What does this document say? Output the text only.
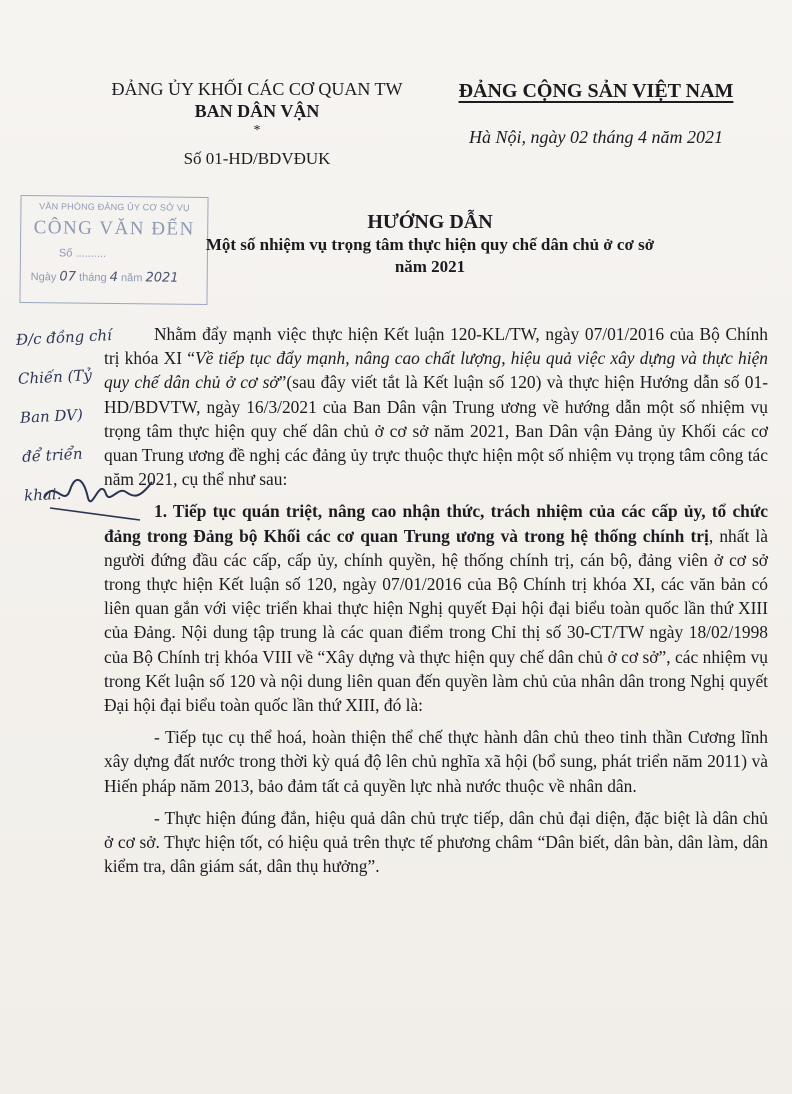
ĐẢNG ỦY KHỐI CÁC CƠ QUAN TW
BAN DÂN VẬN
*
Số 01-HD/BDVĐUK
ĐẢNG CỘNG SẢN VIỆT NAM
Hà Nội, ngày 02 tháng 4 năm 2021
VĂN PHÒNG ĐẢNG ỦY CƠ SỞ VỤ
CÔNG VĂN ĐẾN
Số ..........
Ngày 07 tháng 4 năm 2021
HƯỚNG DẪN
Một số nhiệm vụ trọng tâm thực hiện quy chế dân chủ ở cơ sở
năm 2021
Đ/c đồng chí
Chiến (Tỷ
Ban DV)
để triển
khai.

Nhằm đẩy mạnh việc thực hiện Kết luận 120-KL/TW, ngày 07/01/2016 của Bộ Chính trị khóa XI “Về tiếp tục đẩy mạnh, nâng cao chất lượng, hiệu quả việc xây dựng và thực hiện quy chế dân chủ ở cơ sở”(sau đây viết tắt là Kết luận số 120) và thực hiện Hướng dẫn số 01-HD/BDVTW, ngày 16/3/2021 của Ban Dân vận Trung ương về hướng dẫn một số nhiệm vụ trọng tâm thực hiện quy chế dân chủ ở cơ sở năm 2021, Ban Dân vận Đảng ủy Khối các cơ quan Trung ương đề nghị các đảng ủy trực thuộc thực hiện một số nhiệm vụ trọng tâm công tác năm 2021, cụ thể như sau:

1. Tiếp tục quán triệt, nâng cao nhận thức, trách nhiệm của các cấp ủy, tổ chức đảng trong Đảng bộ Khối các cơ quan Trung ương và trong hệ thống chính trị, nhất là người đứng đầu các cấp, cấp ủy, chính quyền, hệ thống chính trị, cán bộ, đảng viên ở cơ sở trong thực hiện Kết luận số 120, ngày 07/01/2016 của Bộ Chính trị khóa XI, các văn bản có liên quan gắn với việc triển khai thực hiện Nghị quyết Đại hội đại biểu toàn quốc lần thứ XIII của Đảng. Nội dung tập trung là các quan điểm trong Chỉ thị số 30-CT/TW ngày 18/02/1998 của Bộ Chính trị khóa VIII về “Xây dựng và thực hiện quy chế dân chủ ở cơ sở”, các nhiệm vụ trong Kết luận số 120 và nội dung liên quan đến quyền làm chủ của nhân dân trong Nghị quyết Đại hội đại biểu toàn quốc lần thứ XIII, đó là:

- Tiếp tục cụ thể hoá, hoàn thiện thể chế thực hành dân chủ theo tinh thần Cương lĩnh xây dựng đất nước trong thời kỳ quá độ lên chủ nghĩa xã hội (bổ sung, phát triển năm 2011) và Hiến pháp năm 2013, bảo đảm tất cả quyền lực nhà nước thuộc về nhân dân.

- Thực hiện đúng đắn, hiệu quả dân chủ trực tiếp, dân chủ đại diện, đặc biệt là dân chủ ở cơ sở. Thực hiện tốt, có hiệu quả trên thực tế phương châm “Dân biết, dân bàn, dân làm, dân kiểm tra, dân giám sát, dân thụ hưởng”.
